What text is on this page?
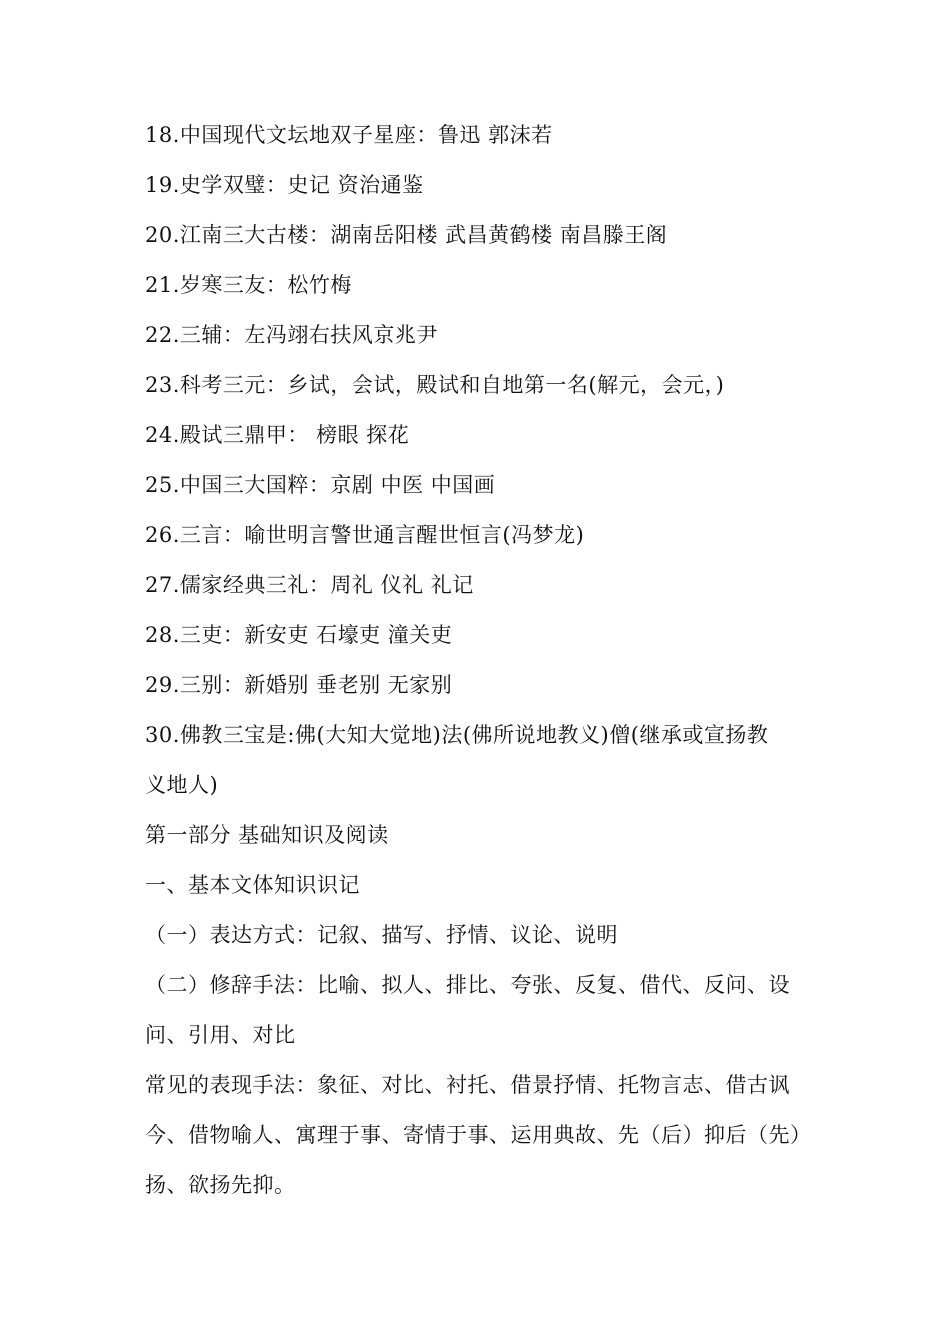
18.中国现代文坛地双子星座：鲁迅 郭沫若
19.史学双璧：史记 资治通鉴
20.江南三大古楼：湖南岳阳楼 武昌黄鹤楼 南昌滕王阁
21.岁寒三友：松竹梅
22.三辅：左冯翊右扶风京兆尹
23.科考三元：乡试，会试，殿试和自地第一名(解元，会元，)
24.殿试三鼎甲： 榜眼 探花
25.中国三大国粹：京剧 中医 中国画
26.三言：喻世明言警世通言醒世恒言(冯梦龙)
27.儒家经典三礼：周礼 仪礼 礼记
28.三吏：新安吏 石壕吏 潼关吏
29.三别：新婚别 垂老别 无家别
30.佛教三宝是:佛(大知大觉地)法(佛所说地教义)僧(继承或宣扬教
义地人)
第一部分 基础知识及阅读
一、基本文体知识识记
（一）表达方式：记叙、描写、抒情、议论、说明
（二）修辞手法：比喻、拟人、排比、夸张、反复、借代、反问、设
问、引用、对比
常见的表现手法：象征、对比、衬托、借景抒情、托物言志、借古讽
今、借物喻人、寓理于事、寄情于事、运用典故、先（后）抑后（先）
扬、欲扬先抑。
